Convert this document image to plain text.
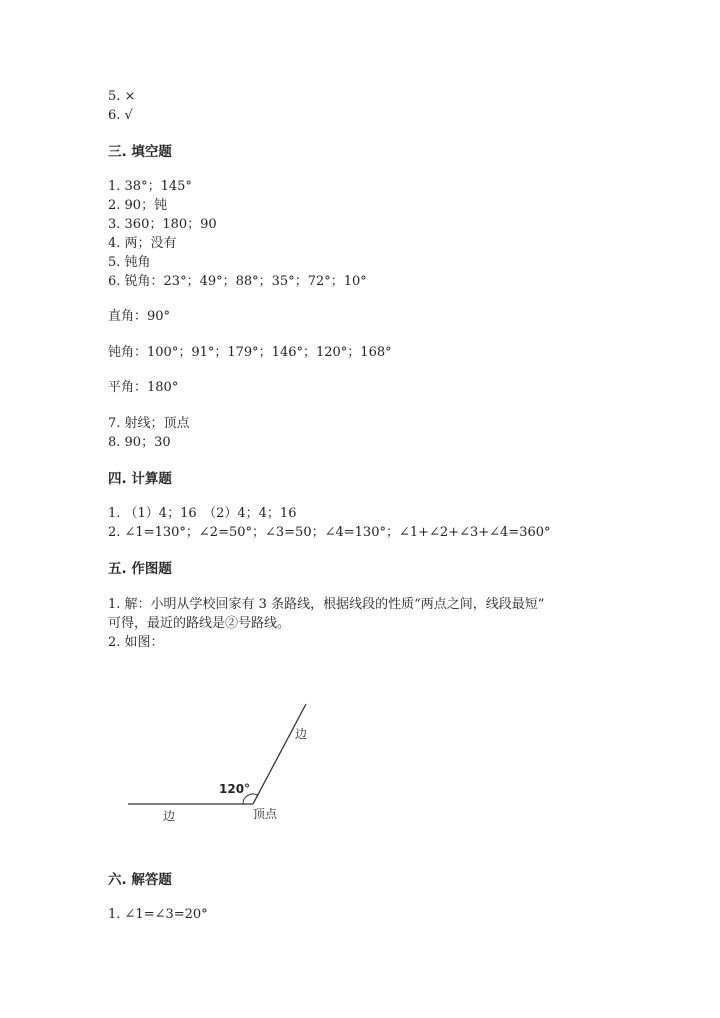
5. ×
6. √
三. 填空题
1. 38°；145°
2. 90；钝
3. 360；180；90
4. 两；没有
5. 钝角
6. 锐角：23°；49°；88°；35°；72°；10°
直角：90°
钝角：100°；91°；179°；146°；120°；168°
平角：180°
7. 射线；顶点
8. 90；30
四. 计算题
1. （1）4；16　（2）4；4；16
2. ∠1=130°；∠2=50°；∠3=50；∠4=130°；∠1+∠2+∠3+∠4=360°
五. 作图题
1. 解：小明从学校回家有 3 条路线，根据线段的性质“两点之间，线段最短”
可得，最近的路线是②号路线。
2. 如图：
120°
边
边	顶点
六. 解答题
1. ∠1=∠3=20°
